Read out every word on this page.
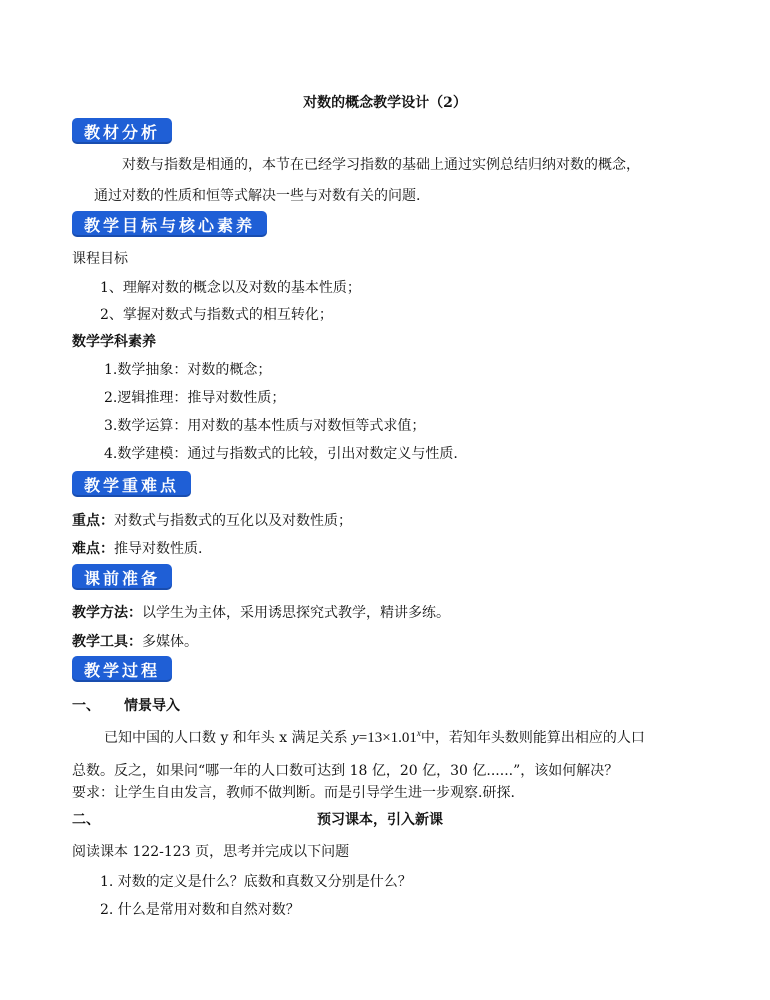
对数的概念教学设计（2）
教材分析
对数与指数是相通的，本节在已经学习指数的基础上通过实例总结归纳对数的概念，
通过对数的性质和恒等式解决一些与对数有关的问题.
教学目标与核心素养
课程目标
1、理解对数的概念以及对数的基本性质；
2、掌握对数式与指数式的相互转化；
数学学科素养
1.数学抽象：对数的概念；
2.逻辑推理：推导对数性质；
3.数学运算：用对数的基本性质与对数恒等式求值；
4.数学建模：通过与指数式的比较，引出对数定义与性质.
教学重难点
重点：对数式与指数式的互化以及对数性质；
难点：推导对数性质.
课前准备
教学方法：以学生为主体，采用诱思探究式教学，精讲多练。
教学工具：多媒体。
教学过程
一、 情景导入
已知中国的人口数 y 和年头 x 满足关系 $y=13\times 1.01^x$中，若知年头数则能算出相应的人口
总数。反之，如果问“哪一年的人口数可达到 18 亿，20 亿，30 亿......”，该如何解决？
要求：让学生自由发言，教师不做判断。而是引导学生进一步观察.研探.
二、	预习课本，引入新课
阅读课本 122-123 页，思考并完成以下问题
1. 对数的定义是什么？底数和真数又分别是什么？
2. 什么是常用对数和自然对数？
